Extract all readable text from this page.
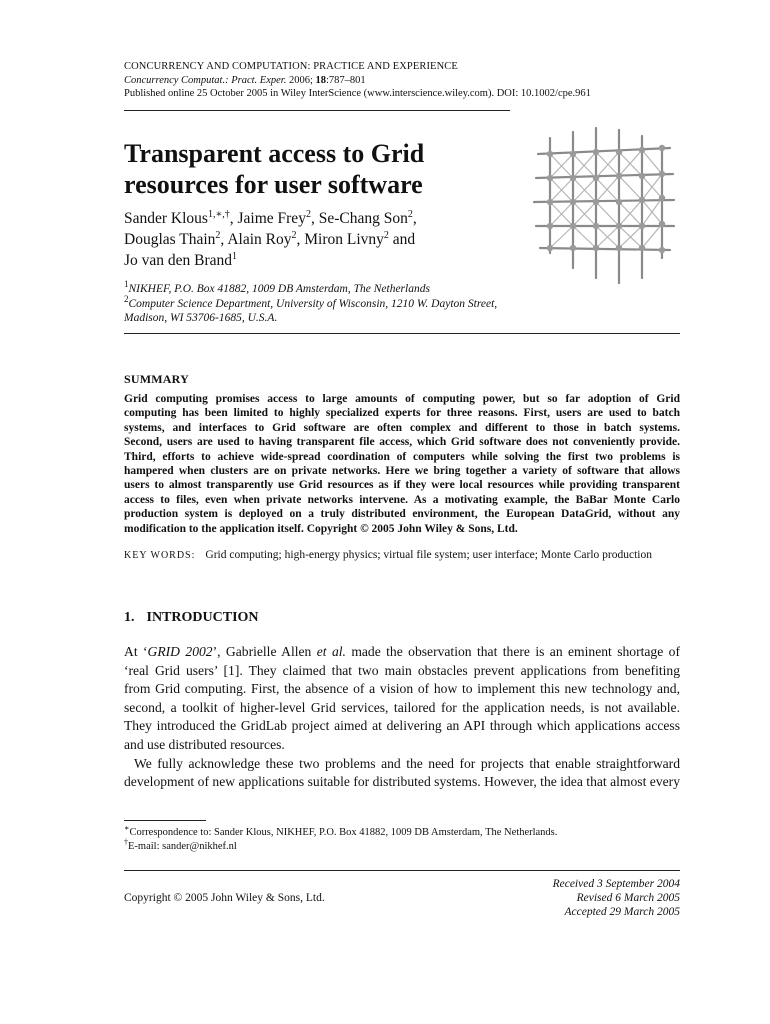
CONCURRENCY AND COMPUTATION: PRACTICE AND EXPERIENCE
Concurrency Computat.: Pract. Exper. 2006; 18:787–801
Published online 25 October 2005 in Wiley InterScience (www.interscience.wiley.com). DOI: 10.1002/cpe.961
Transparent access to Grid
resources for user software
Sander Klous$^{1,∗,\dagger}$, Jaime Frey$^2$, Se-Chang Son$^2$,
Douglas Thain$^2$, Alain Roy$^2$, Miron Livny$^2$ and
Jo van den Brand$^1$
$^1$NIKHEF, P.O. Box 41882, 1009 DB Amsterdam, The Netherlands
$^2$Computer Science Department, University of Wisconsin, 1210 W. Dayton Street,
Madison, WI 53706-1685, U.S.A.
SUMMARY
Grid computing promises access to large amounts of computing power, but so far adoption of Grid
computing has been limited to highly specialized experts for three reasons. First, users are used to batch
systems, and interfaces to Grid software are often complex and different to those in batch systems.
Second, users are used to having transparent file access, which Grid software does not conveniently provide.
Third, efforts to achieve wide-spread coordination of computers while solving the first two problems is
hampered when clusters are on private networks. Here we bring together a variety of software that allows
users to almost transparently use Grid resources as if they were local resources while providing transparent
access to files, even when private networks intervene. As a motivating example, the BaBar Monte Carlo
production system is deployed on a truly distributed environment, the European DataGrid, without any
modification to the application itself. Copyright © 2005 John Wiley & Sons, Ltd.
KEY WORDS: Grid computing; high-energy physics; virtual file system; user interface; Monte Carlo production
1. INTRODUCTION
At ‘GRID 2002’, Gabrielle Allen et al. made the observation that there is an eminent shortage of
‘real Grid users’ [1]. They claimed that two main obstacles prevent applications from benefiting
from Grid computing. First, the absence of a vision of how to implement this new technology and,
second, a toolkit of higher-level Grid services, tailored for the application needs, is not available.
They introduced the GridLab project aimed at delivering an API through which applications access
and use distributed resources.
We fully acknowledge these two problems and the need for projects that enable straightforward
development of new applications suitable for distributed systems. However, the idea that almost every
∗Correspondence to: Sander Klous, NIKHEF, P.O. Box 41882, 1009 DB Amsterdam, The Netherlands.
†E-mail: sander@nikhef.nl
Copyright © 2005 John Wiley & Sons, Ltd.
Received 3 September 2004
Revised 6 March 2005
Accepted 29 March 2005
